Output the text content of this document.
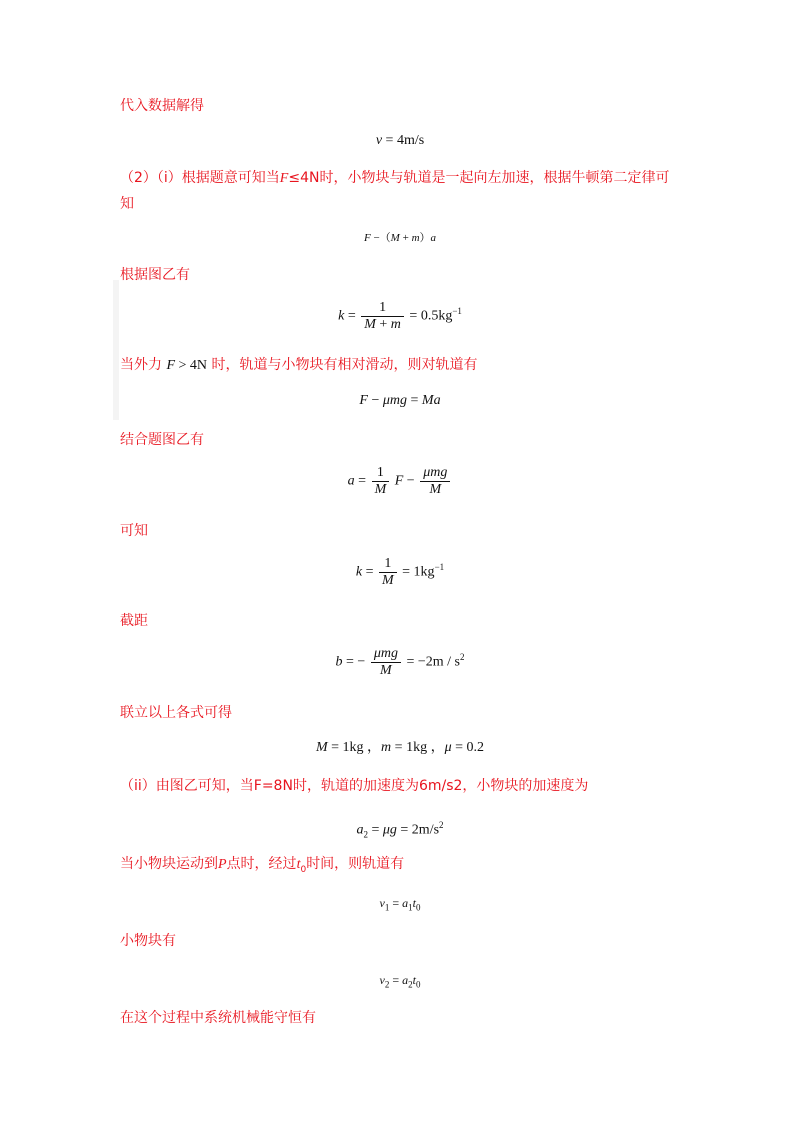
代入数据解得
v = 4m/s
（2）（i）根据题意可知当F≤4N时，小物块与轨道是一起向左加速，根据牛顿第二定律可
知
F −（M + m）a
根据图乙有
$k = \frac{1}{M + m} = 0.5kg^{-1}$
当外力 F > 4N 时，轨道与小物块有相对滑动，则对轨道有
F − μmg = Ma
结合题图乙有
$a = \frac{1}{M}$ $F - \frac{\text{μmg}}{M}$
可知
$k = \frac{1}{M} = 1kg^{-1}$
截距
b = − $\frac{\text{μmg}}{M} = -2m / s^2$
联立以上各式可得
M = 1kg ，m = 1kg ，μ = 0.2
（ii）由图乙可知，当F=8N时，轨道的加速度为6m/s2，小物块的加速度为
$a_2 = \mu g = 2m/s^2$
当小物块运动到P点时，经过$t_0$时间，则轨道有
$v_1 = a_1t_0$
小物块有
$v_2 = a_2t_0$
在这个过程中系统机械能守恒有
